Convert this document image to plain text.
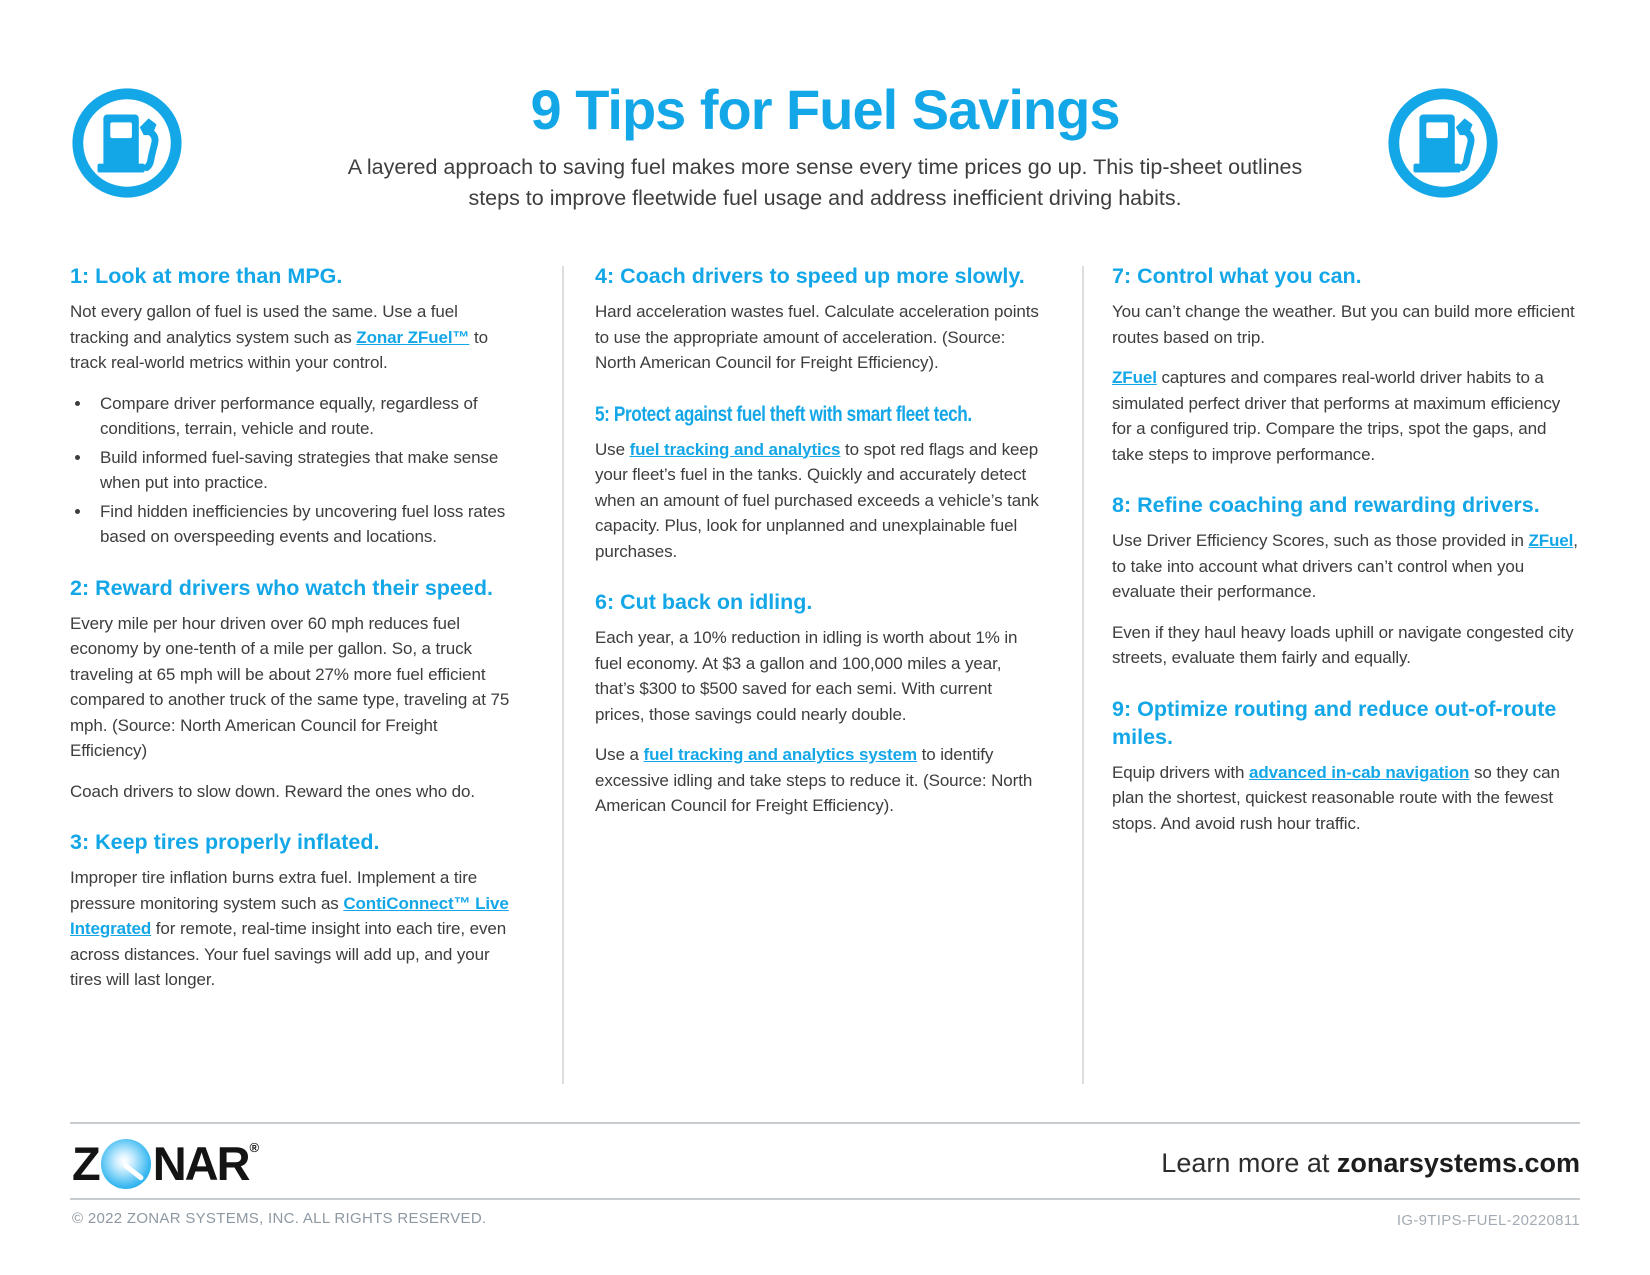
9 Tips for Fuel Savings

A layered approach to saving fuel makes more sense every time prices go up. This tip-sheet outlines steps to improve fleetwide fuel usage and address inefficient driving habits.

1: Look at more than MPG.

Not every gallon of fuel is used the same. Use a fuel tracking and analytics system such as Zonar ZFuel™ to track real-world metrics within your control.

• Compare driver performance equally, regardless of conditions, terrain, vehicle and route.
• Build informed fuel-saving strategies that make sense when put into practice.
• Find hidden inefficiencies by uncovering fuel loss rates based on overspeeding events and locations.
2: Reward drivers who watch their speed.

Every mile per hour driven over 60 mph reduces fuel economy by one-tenth of a mile per gallon. So, a truck traveling at 65 mph will be about 27% more fuel efficient compared to another truck of the same type, traveling at 75 mph. (Source: North American Council for Freight Efficiency)

Coach drivers to slow down. Reward the ones who do.

3: Keep tires properly inflated.

Improper tire inflation burns extra fuel. Implement a tire pressure monitoring system such as ContiConnect™ Live Integrated for remote, real-time insight into each tire, even across distances. Your fuel savings will add up, and your tires will last longer.

4: Coach drivers to speed up more slowly.

Hard acceleration wastes fuel. Calculate acceleration points to use the appropriate amount of acceleration. (Source: North American Council for Freight Efficiency).

5: Protect against fuel theft with smart fleet tech.

Use fuel tracking and analytics to spot red flags and keep your fleet’s fuel in the tanks. Quickly and accurately detect when an amount of fuel purchased exceeds a vehicle’s tank capacity. Plus, look for unplanned and unexplainable fuel purchases.

6: Cut back on idling.

Each year, a 10% reduction in idling is worth about 1% in fuel economy. At $3 a gallon and 100,000 miles a year, that’s $300 to $500 saved for each semi. With current prices, those savings could nearly double.

Use a fuel tracking and analytics system to identify excessive idling and take steps to reduce it. (Source: North American Council for Freight Efficiency).

7: Control what you can.

You can’t change the weather. But you can build more efficient routes based on trip.

ZFuel captures and compares real-world driver habits to a simulated perfect driver that performs at maximum efficiency for a configured trip. Compare the trips, spot the gaps, and take steps to improve performance.

8: Refine coaching and rewarding drivers.

Use Driver Efficiency Scores, such as those provided in ZFuel, to take into account what drivers can’t control when you evaluate their performance.

Even if they haul heavy loads uphill or navigate congested city streets, evaluate them fairly and equally.

9: Optimize routing and reduce out-of-route miles.

Equip drivers with advanced in-cab navigation so they can plan the shortest, quickest reasonable route with the fewest stops. And avoid rush hour traffic.

Z NAR ®
Learn more at zonarsystems.com
© 2022 ZONAR SYSTEMS, INC. ALL RIGHTS RESERVED.	IG-9TIPS-FUEL-20220811
